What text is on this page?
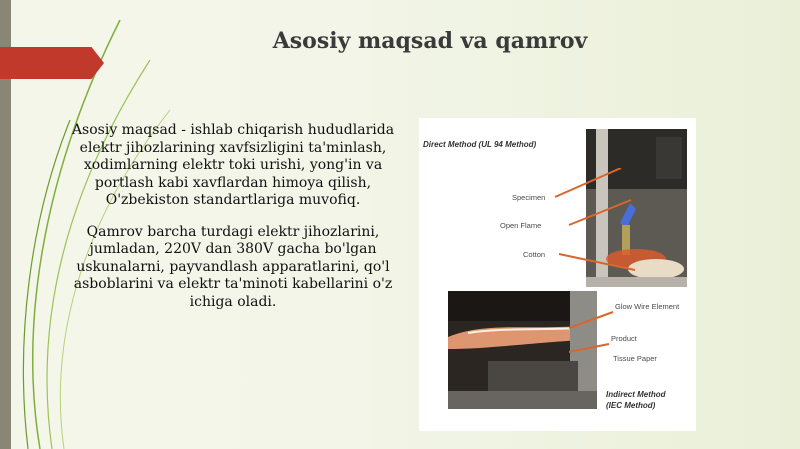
Asosiy maqsad va qamrov

Asosiy maqsad - ishlab chiqarish hududlarida elektr jihozlarining xavfsizligini ta'minlash, xodimlarning elektr toki urishi, yong'in va portlash kabi xavflardan himoya qilish, O'zbekiston standartlariga muvofiq.

Qamrov barcha turdagi elektr jihozlarini, jumladan, 220V dan 380V gacha bo'lgan uskunalarni, payvandlash apparatlarini, qo'l asboblarini va elektr ta'minoti kabellarini o'z ichiga oladi.

Direct Method (UL 94 Method)
Specimen
Open Flame
Cotton
Glow Wire Element
Product
Tissue Paper
Indirect Method
(IEC Method)
